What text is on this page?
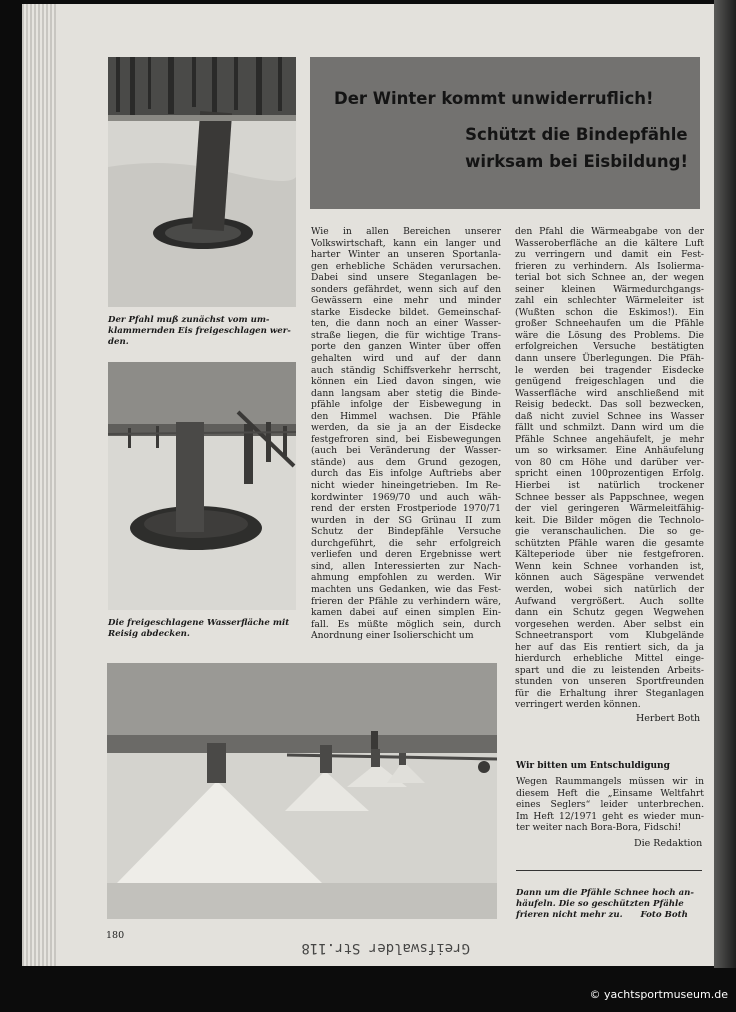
Der Pfahl muß zunächst vom um-
klammernden Eis freigeschlagen wer-
den.
Die freigeschlagene Wasserfläche mit
Reisig abdecken.
Dann um die Pfähle Schnee hoch an-
häufeln. Die so geschützten Pfähle
frieren nicht mehr zu.      Foto Both
Der Winter kommt unwiderruflich!
Schützt die Bindepfähle
wirksam bei Eisbildung!
Wie in allen Bereichen unserer
Volkswirtschaft, kann ein langer und
harter Winter an unseren Sportanla-
gen erhebliche Schäden verursachen.
Dabei sind unsere Steganlagen be-
sonders gefährdet, wenn sich auf den
Gewässern eine mehr und minder
starke Eisdecke bildet. Gemeinschaf-
ten, die dann noch an einer Wasser-
straße liegen, die für wichtige Trans-
porte den ganzen Winter über offen
gehalten wird und auf der dann
auch ständig Schiffsverkehr herrscht,
können ein Lied davon singen, wie
dann langsam aber stetig die Binde-
pfähle infolge der Eisbewegung in
den Himmel wachsen. Die Pfähle
werden, da sie ja an der Eisdecke
festgefroren sind, bei Eisbewegungen
(auch bei Veränderung der Wasser-
stände) aus dem Grund gezogen,
durch das Eis infolge Auftriebs aber
nicht wieder hineingetrieben. Im Re-
kordwinter 1969/70 und auch wäh-
rend der ersten Frostperiode 1970/71
wurden in der SG Grünau II zum
Schutz der Bindepfähle Versuche
durchgeführt, die sehr erfolgreich
verliefen und deren Ergebnisse wert
sind, allen Interessierten zur Nach-
ahmung empfohlen zu werden. Wir
machten uns Gedanken, wie das Fest-
frieren der Pfähle zu verhindern wäre,
kamen dabei auf einen simplen Ein-
fall. Es müßte möglich sein, durch
Anordnung einer Isolierschicht um
den Pfahl die Wärmeabgabe von der
Wasseroberfläche an die kältere Luft
zu verringern und damit ein Fest-
frieren zu verhindern. Als Isolierma-
terial bot sich Schnee an, der wegen
seiner kleinen Wärmedurchgangs-
zahl ein schlechter Wärmeleiter ist
(Wußten schon die Eskimos!). Ein
großer Schneehaufen um die Pfähle
wäre die Lösung des Problems. Die
erfolgreichen Versuche bestätigten
dann unsere Überlegungen. Die Pfäh-
le werden bei tragender Eisdecke
genügend freigeschlagen und die
Wasserfläche wird anschließend mit
Reisig bedeckt. Das soll bezwecken,
daß nicht zuviel Schnee ins Wasser
fällt und schmilzt. Dann wird um die
Pfähle Schnee angehäufelt, je mehr
um so wirksamer. Eine Anhäufelung
von 80 cm Höhe und darüber ver-
spricht einen 100prozentigen Erfolg.
Hierbei ist natürlich trockener
Schnee besser als Pappschnee, wegen
der viel geringeren Wärmeleitfähig-
keit. Die Bilder mögen die Technolo-
gie veranschaulichen. Die so ge-
schützten Pfähle waren die gesamte
Kälteperiode über nie festgefroren.
Wenn kein Schnee vorhanden ist,
können auch Sägespäne verwendet
werden, wobei sich natürlich der
Aufwand vergrößert. Auch sollte
dann ein Schutz gegen Wegwehen
vorgesehen werden. Aber selbst ein
Schneetransport vom Klubgelände
her auf das Eis rentiert sich, da ja
hierdurch erhebliche Mittel einge-
spart und die zu leistenden Arbeits-
stunden von unseren Sportfreunden
für die Erhaltung ihrer Steganlagen
verringert werden können.
Herbert Both
Wir bitten um Entschuldigung
Wegen Raummangels müssen wir in
diesem Heft die „Einsame Weltfahrt
eines Seglers“ leider unterbrechen.
Im Heft 12/1971 geht es wieder mun-
ter weiter nach Bora-Bora, Fidschi!
Die Redaktion
180
Greifswalder Str.118
© yachtsportmuseum.de
